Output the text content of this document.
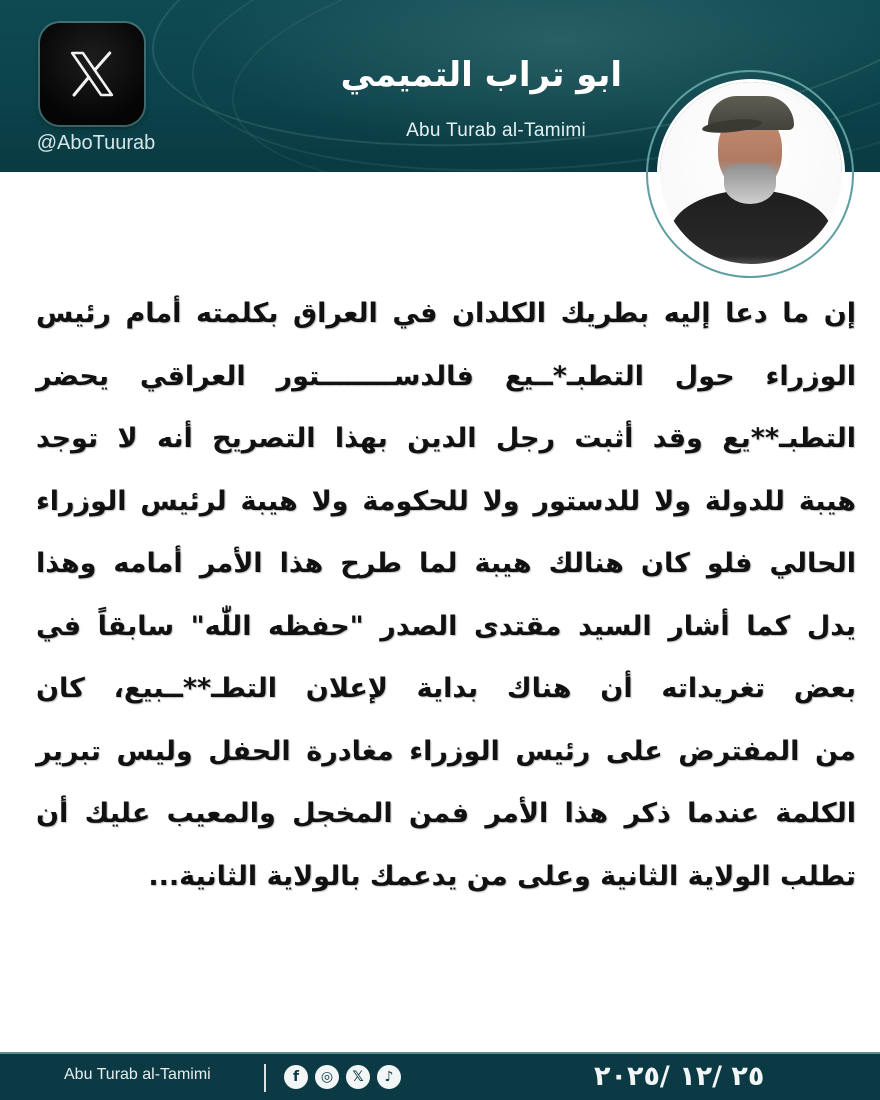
@AboTuurab
ابو تراب التميمي
Abu Turab al-Tamimi
إن ما دعا إليه بطريك الكلدان في العراق بكلمته أمام رئيس
الوزراء حول التطبـ*ــيع فالدســــــــتور العراقي يحضر
التطبـ**يع وقد أثبت رجل الدين بهذا التصريح أنه لا توجد
هيبة للدولة ولا للدستور ولا للحكومة ولا هيبة لرئيس الوزراء
الحالي فلو كان هنالك هيبة لما طرح هذا الأمر أمامه وهذا
يدل كما أشار السيد مقتدى الصدر "حفظه اللّٰه" سابقاً في
بعض تغريداته أن هناك بداية لإعلان التطـ**ــبيع، كان
من المفترض على رئيس الوزراء مغادرة الحفل وليس تبرير
الكلمة عندما ذكر هذا الأمر فمن المخجل والمعيب عليك أن
تطلب الولاية الثانية وعلى من يدعمك بالولاية الثانية...
Abu Turab al-Tamimi	f	◎	𝕏	♪	٢٥ /١٢ /٢٠٢٥
